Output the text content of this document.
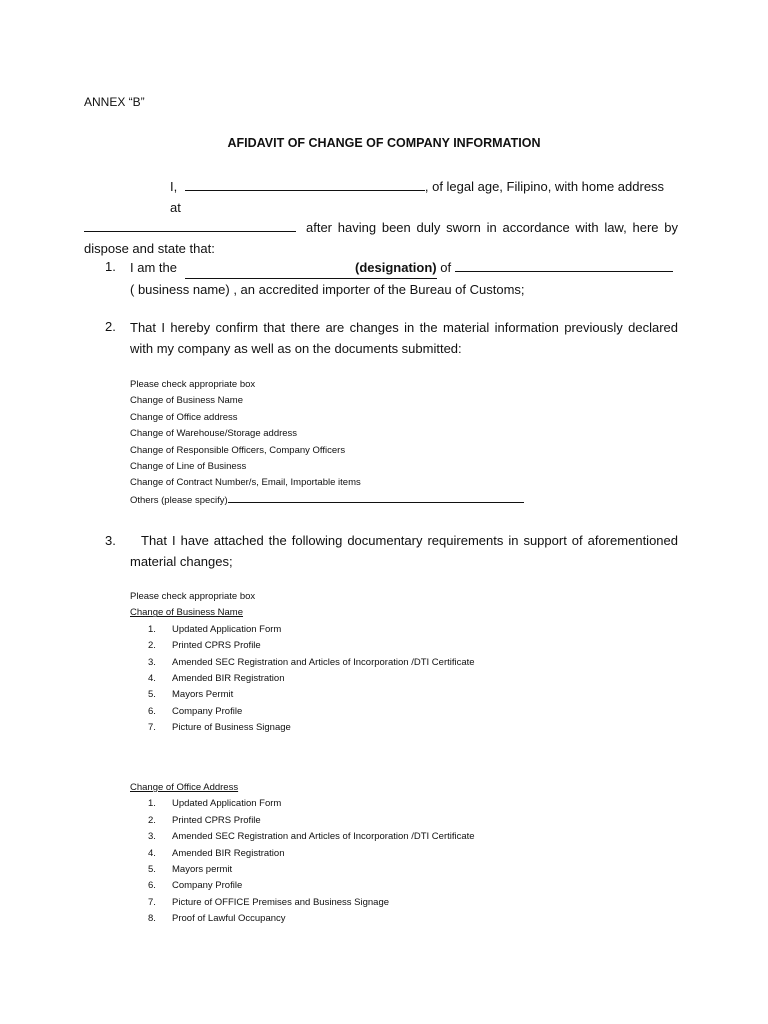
ANNEX “B”
AFIDAVIT OF CHANGE OF COMPANY INFORMATION
I,	, of legal age, Filipino, with home address at
after having been duly sworn in accordance with law, here by
dispose and state that:
1. I am the	(designation) of
( business name) , an accredited importer of the Bureau of Customs;
2. That I hereby confirm that there are changes in the material information previously declared with my company as well as on the documents submitted:
Please check appropriate box
Change of Business Name
Change of Office address
Change of Warehouse/Storage address
Change of Responsible Officers, Company Officers
Change of Line of Business
Change of Contract Number/s, Email, Importable items
Others (please specify)
3.	That I have attached the following documentary requirements in support of aforementioned material changes;
Please check appropriate box
Change of Business Name
1. Updated Application Form
2. Printed CPRS Profile
3. Amended SEC Registration and Articles of Incorporation /DTI Certificate
4. Amended BIR Registration
5. Mayors Permit
6. Company Profile
7. Picture of Business Signage
Change of Office Address
1. Updated Application Form
2. Printed CPRS Profile
3. Amended SEC Registration and Articles of Incorporation /DTI Certificate
4. Amended BIR Registration
5. Mayors permit
6. Company Profile
7. Picture of OFFICE Premises and Business Signage
8. Proof of Lawful Occupancy
